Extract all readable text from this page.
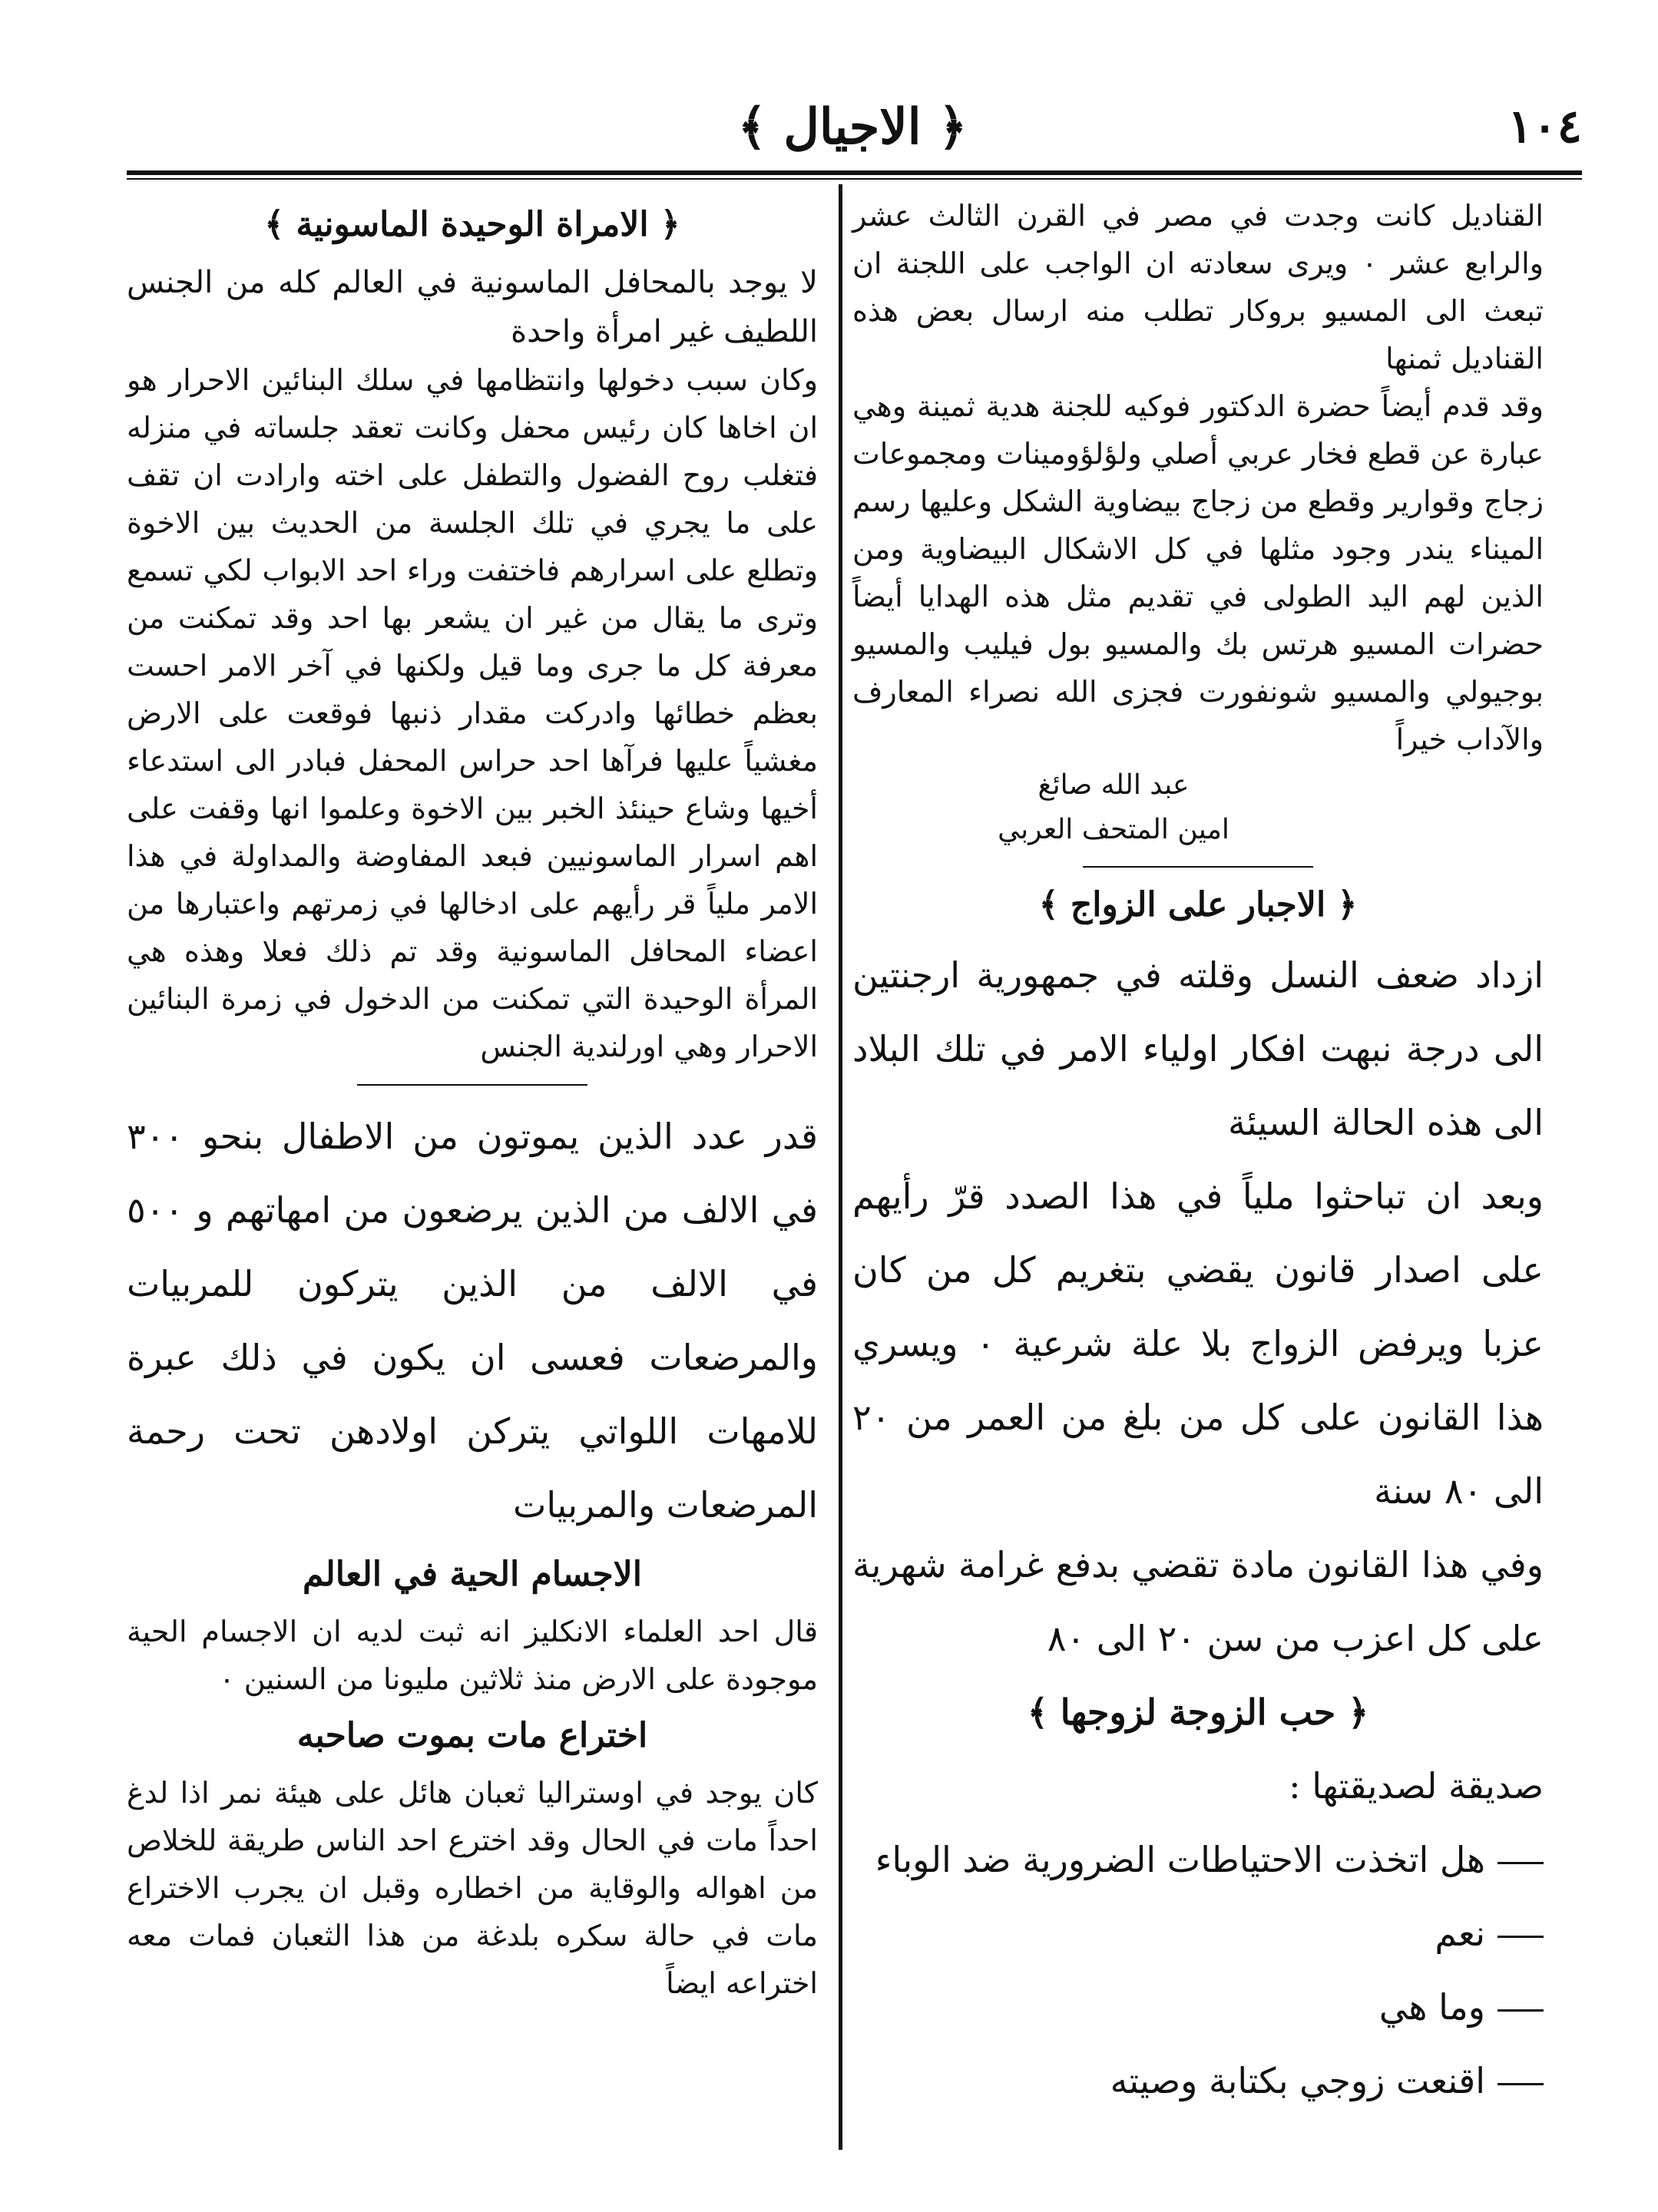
١٠٤
﴿ الاجيال ﴾

القناديل كانت وجدت في مصر في القرن الثالث عشر والرابع عشر ٠ ويرى سعادته ان الواجب على اللجنة ان تبعث الى المسيو بروكار تطلب منه ارسال بعض هذه القناديل ثمنها

وقد قدم أيضاً حضرة الدكتور فوكيه للجنة هدية ثمينة وهي عبارة عن قطع فخار عربي أصلي ولؤلؤومينات ومجموعات زجاج وقوارير وقطع من زجاج بيضاوية الشكل وعليها رسم الميناء يندر وجود مثلها في كل الاشكال البيضاوية ومن الذين لهم اليد الطولى في تقديم مثل هذه الهدايا أيضاً حضرات المسيو هرتس بك والمسيو بول فيليب والمسيو بوجيولي والمسيو شونفورت فجزى الله نصراء المعارف والآداب خيراً

عبد الله صائغ
امين المتحف العربي
﴿ الاجبار على الزواج ﴾

ازداد ضعف النسل وقلته في جمهورية ارجنتين الى درجة نبهت افكار اولياء الامر في تلك البلاد الى هذه الحالة السيئة

وبعد ان تباحثوا ملياً في هذا الصدد قرّ رأيهم على اصدار قانون يقضي بتغريم كل من كان عزبا ويرفض الزواج بلا علة شرعية ٠ ويسري هذا القانون على كل من بلغ من العمر من ٢٠ الى ٨٠ سنة

وفي هذا القانون مادة تقضي بدفع غرامة شهرية على كل اعزب من سن ٢٠ الى ٨٠

﴿ حب الزوجة لزوجها ﴾
صديقة لصديقتها :
هل اتخذت الاحتياطات الضرورية ضد الوباء
نعم
وما هي
اقنعت زوجي بكتابة وصيته
﴿ الامراة الوحيدة الماسونية ﴾

لا يوجد بالمحافل الماسونية في العالم كله من الجنس اللطيف غير امرأة واحدة

وكان سبب دخولها وانتظامها في سلك البنائين الاحرار هو ان اخاها كان رئيس محفل وكانت تعقد جلساته في منزله فتغلب روح الفضول والتطفل على اخته وارادت ان تقف على ما يجري في تلك الجلسة من الحديث بين الاخوة وتطلع على اسرارهم فاختفت وراء احد الابواب لكي تسمع وترى ما يقال من غير ان يشعر بها احد وقد تمكنت من معرفة كل ما جرى وما قيل ولكنها في آخر الامر احست بعظم خطائها وادركت مقدار ذنبها فوقعت على الارض مغشياً عليها فرآها احد حراس المحفل فبادر الى استدعاء أخيها وشاع حينئذ الخبر بين الاخوة وعلموا انها وقفت على اهم اسرار الماسونيين فبعد المفاوضة والمداولة في هذا الامر ملياً قر رأيهم على ادخالها في زمرتهم واعتبارها من اعضاء المحافل الماسونية وقد تم ذلك فعلا وهذه هي المرأة الوحيدة التي تمكنت من الدخول في زمرة البنائين الاحرار وهي اورلندية الجنس

قدر عدد الذين يموتون من الاطفال بنحو ٣٠٠ في الالف من الذين يرضعون من امهاتهم و ٥٠٠ في الالف من الذين يتركون للمربيات والمرضعات فعسى ان يكون في ذلك عبرة للامهات اللواتي يتركن اولادهن تحت رحمة المرضعات والمربيات

الاجسام الحية في العالم

قال احد العلماء الانكليز انه ثبت لديه ان الاجسام الحية موجودة على الارض منذ ثلاثين مليونا من السنين ٠

اختراع مات بموت صاحبه

كان يوجد في اوستراليا ثعبان هائل على هيئة نمر اذا لدغ احداً مات في الحال وقد اخترع احد الناس طريقة للخلاص من اهواله والوقاية من اخطاره وقبل ان يجرب الاختراع مات في حالة سكره بلدغة من هذا الثعبان فمات معه اختراعه ايضاً
